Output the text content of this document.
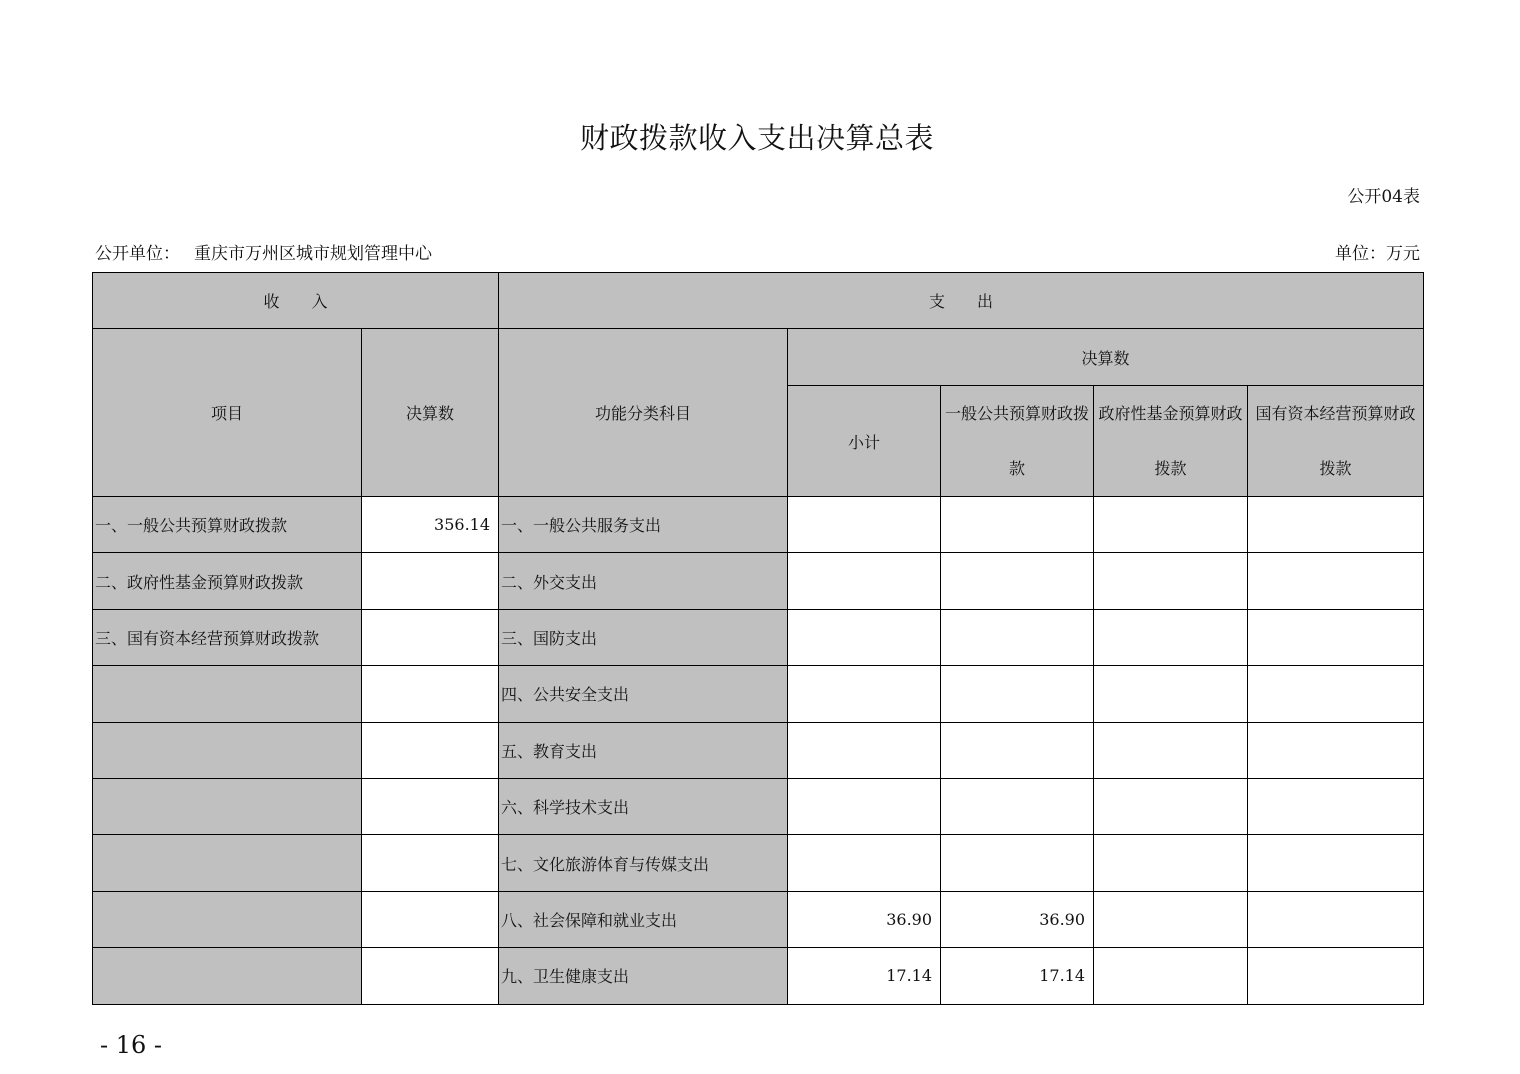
财政拨款收入支出决算总表
公开04表
公开单位： 重庆市万州区城市规划管理中心	单位：万元
收　　入		支　　出				
项目	决算数	功能分类科目	决算数			
			小计	一般公共预算财政拨款	政府性基金预算财政拨款	国有资本经营预算财政拨款
一、一般公共预算财政拨款	356.14	一、一般公共服务支出				
二、政府性基金预算财政拨款		二、外交支出				
三、国有资本经营预算财政拨款		三、国防支出				
		四、公共安全支出				
		五、教育支出				
		六、科学技术支出				
		七、文化旅游体育与传媒支出				
		八、社会保障和就业支出	36.90	36.90		
		九、卫生健康支出	17.14	17.14		
- 16 -
